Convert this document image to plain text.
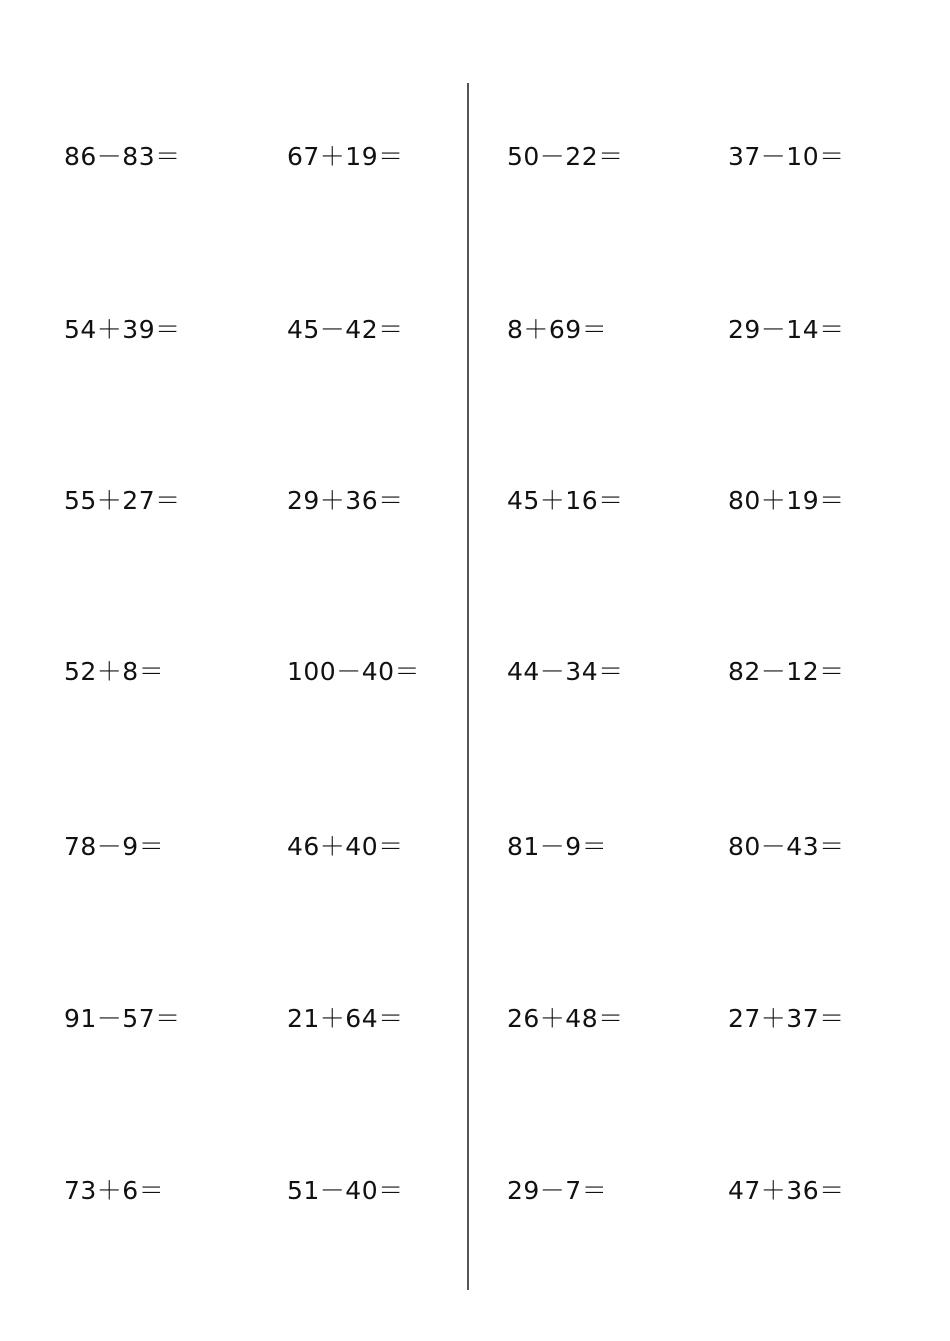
86－83＝	67＋19＝	50－22＝	37－10＝
54＋39＝	45－42＝	8＋69＝	29－14＝
55＋27＝	29＋36＝	45＋16＝	80＋19＝
52＋8＝	100－40＝	44－34＝	82－12＝
78－9＝	46＋40＝	81－9＝	80－43＝
91－57＝	21＋64＝	26＋48＝	27＋37＝
73＋6＝	51－40＝	29－7＝	47＋36＝
